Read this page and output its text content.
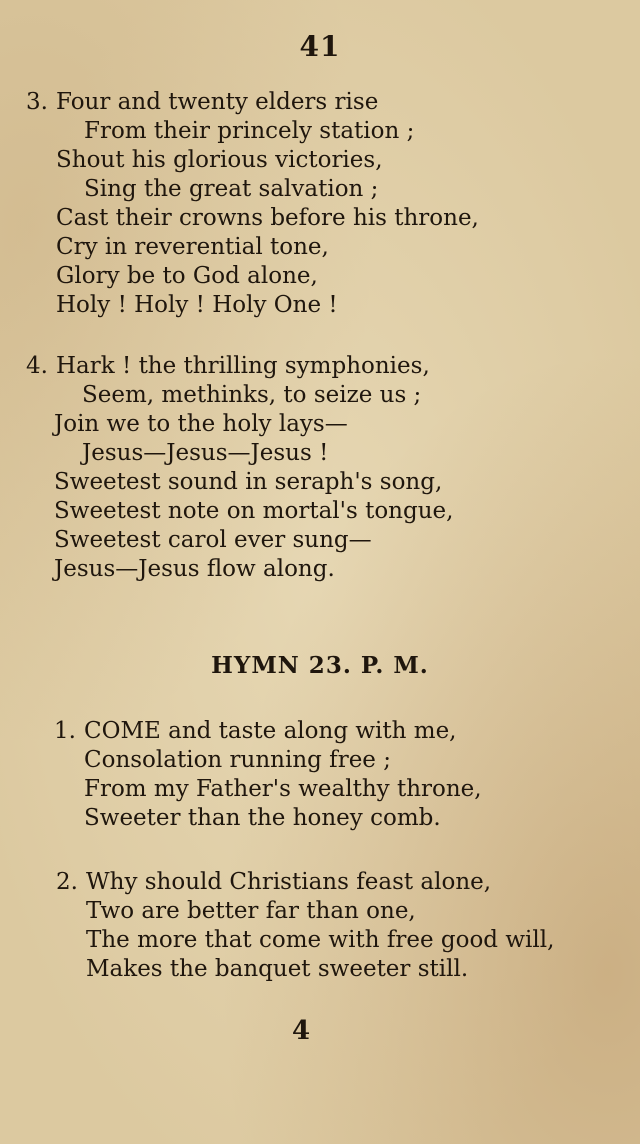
41
3. Four and twenty elders rise
From their princely station ;
Shout his glorious victories,
Sing the great salvation ;
Cast their crowns before his throne,
Cry in reverential tone,
Glory be to God alone,
Holy ! Holy ! Holy One !
4. Hark ! the thrilling symphonies,
Seem, methinks, to seize us ;
Join we to the holy lays—
Jesus—Jesus—Jesus !
Sweetest sound in seraph's song,
Sweetest note on mortal's tongue,
Sweetest carol ever sung—
Jesus—Jesus flow along.
HYMN 23. P. M.
1. COME and taste along with me,
Consolation running free ;
From my Father's wealthy throne,
Sweeter than the honey comb.
2. Why should Christians feast alone,
Two are better far than one,
The more that come with free good will,
Makes the banquet sweeter still.
4
